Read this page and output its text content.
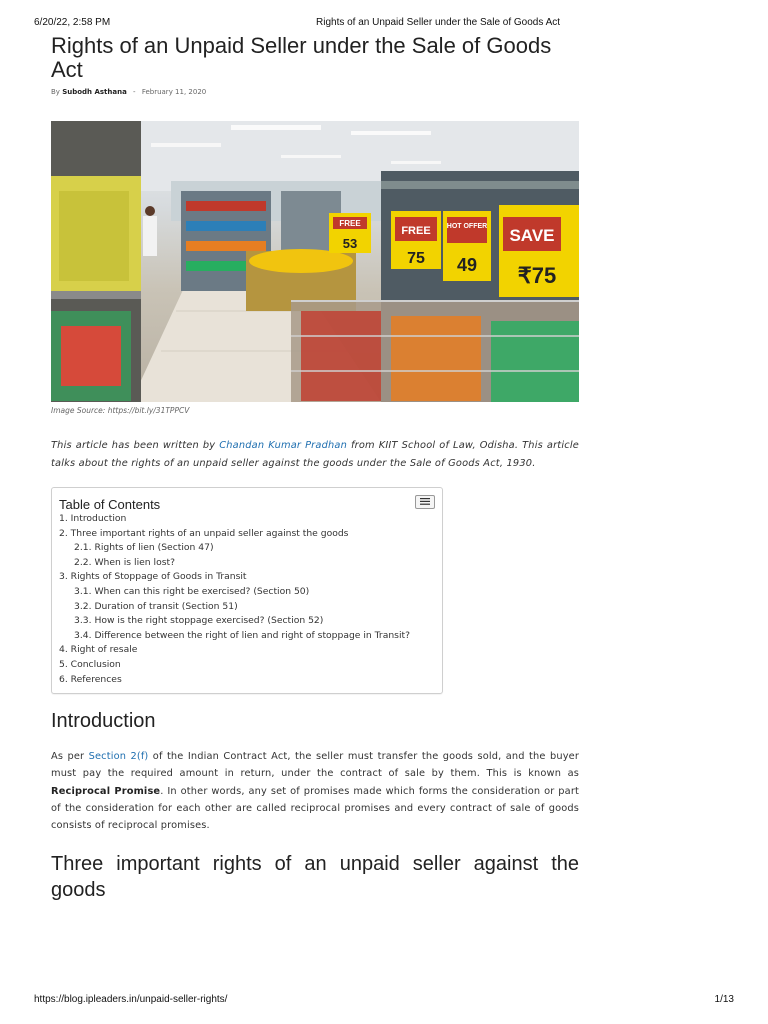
6/20/22, 2:58 PM	Rights of an Unpaid Seller under the Sale of Goods Act
Rights of an Unpaid Seller under the Sale of Goods Act
By Subodh Asthana - February 11, 2020
FREE
53
FREE
75
HOT OFFER
49
SAVE
₹75
Image Source: https://bit.ly/31TPPCV
This article has been written by Chandan Kumar Pradhan from KIIT School of Law, Odisha. This article talks about the rights of an unpaid seller against the goods under the Sale of Goods Act, 1930.
Table of Contents
1. Introduction
2. Three important rights of an unpaid seller against the goods
2.1. Rights of lien (Section 47)
2.2. When is lien lost?
3. Rights of Stoppage of Goods in Transit
3.1. When can this right be exercised? (Section 50)
3.2. Duration of transit (Section 51)
3.3. How is the right stoppage exercised? (Section 52)
3.4. Difference between the right of lien and right of stoppage in Transit?
4. Right of resale
5. Conclusion
6. References
Introduction

As per Section 2(f) of the Indian Contract Act, the seller must transfer the goods sold, and the buyer must pay the required amount in return, under the contract of sale by them. This is known as Reciprocal Promise. In other words, any set of promises made which forms the consideration or part of the consideration for each other are called reciprocal promises and every contract of sale of goods consists of reciprocal promises.

Three important rights of an unpaid seller against the goods
https://blog.ipleaders.in/unpaid-seller-rights/	1/13
